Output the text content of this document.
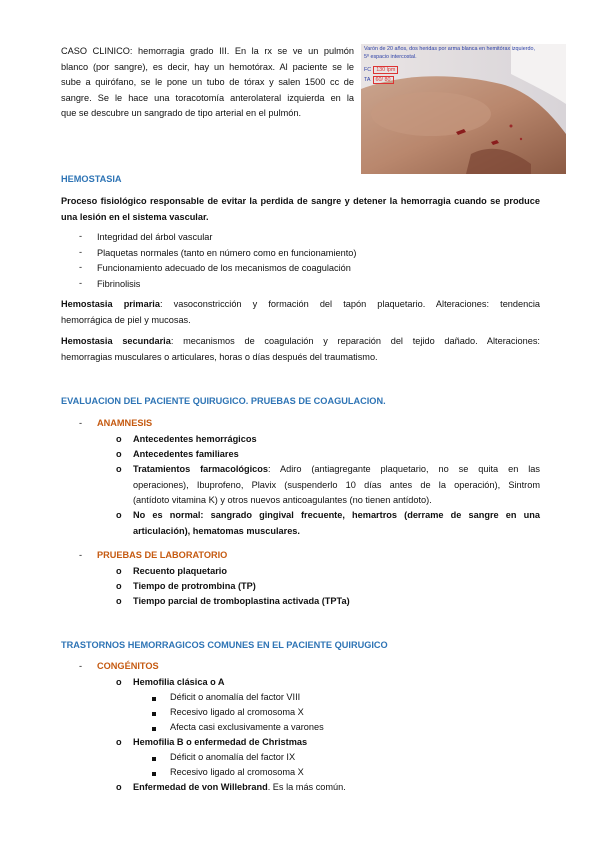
CASO CLINICO: hemorragia grado III. En la rx se ve un pulmón

blanco (por sangre), es decir, hay un hemotórax. Al paciente se le

sube a quirófano, se le pone un tubo de tórax y salen 1500 cc de

sangre. Se le hace una toracotomía anterolateral izquierda en la

que se descubre un sangrado de tipo arterial en el pulmón.

Varón de 20 años, dos heridas por arma blanca en hemitórax izquierdo,
5º espacio intercostal.
FC 130 lpm
TA 60/ 80

HEMOSTASIA

Proceso fisiológico responsable de evitar la perdida de sangre y detener la hemorragia cuando se produce

una lesión en el sistema vascular.

- Integridad del árbol vascular

- Plaquetas normales (tanto en número como en funcionamiento)

- Funcionamiento adecuado de los mecanismos de coagulación

- Fibrinolisis

Hemostasia primaria: vasoconstricción y formación del tapón plaquetario. Alteraciones: tendencia

hemorrágica de piel y mucosas.

Hemostasia secundaria: mecanismos de coagulación y reparación del tejido dañado. Alteraciones:

hemorragias musculares o articulares, horas o días después del traumatismo.

EVALUACION DEL PACIENTE QUIRUGICO. PRUEBAS DE COAGULACION.

- ANAMNESIS

o Antecedentes hemorrágicos

o Antecedentes familiares

o Tratamientos farmacológicos: Adiro (antiagregante plaquetario, no se quita en las

operaciones), Ibuprofeno, Plavix (suspenderlo 10 días antes de la operación), Sintrom

(antídoto vitamina K) y otros nuevos anticoagulantes (no tienen antídoto).

o No es normal: sangrado gingival frecuente, hemartros (derrame de sangre en una

articulación), hematomas musculares.

- PRUEBAS DE LABORATORIO

o Recuento plaquetario

o Tiempo de protrombina (TP)

o Tiempo parcial de tromboplastina activada (TPTa)

TRASTORNOS HEMORRAGICOS COMUNES EN EL PACIENTE QUIRUGICO

- CONGÉNITOS

o Hemofilia clásica o A

Déficit o anomalía del factor VIII

Recesivo ligado al cromosoma X

Afecta casi exclusivamente a varones

o Hemofilia B o enfermedad de Christmas

Déficit o anomalía del factor IX

Recesivo ligado al cromosoma X

o Enfermedad de von Willebrand. Es la más común.
